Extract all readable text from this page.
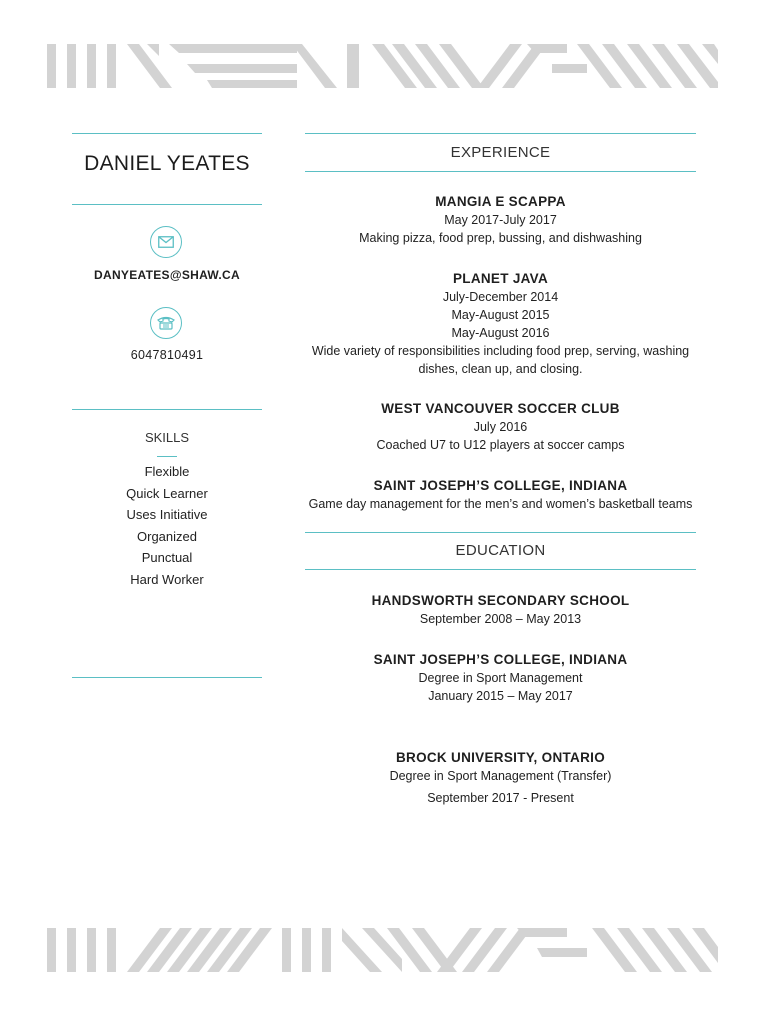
DANIEL YEATES
DANYEATES@SHAW.CA
6047810491
SKILLS
Flexible
Quick Learner
Uses Initiative
Organized
Punctual
Hard Worker
EXPERIENCE
MANGIA E SCAPPA
May 2017-July 2017
Making pizza, food prep, bussing, and dishwashing
PLANET JAVA
July-December 2014
May-August 2015
May-August 2016
Wide variety of responsibilities including food prep, serving, washing
dishes, clean up, and closing.
WEST VANCOUVER SOCCER CLUB
July 2016
Coached U7 to U12 players at soccer camps
SAINT JOSEPH’S COLLEGE, INDIANA
Game day management for the men’s and women’s basketball teams
EDUCATION
HANDSWORTH SECONDARY SCHOOL
September 2008 – May 2013
SAINT JOSEPH’S COLLEGE, INDIANA
Degree in Sport Management
January 2015 – May 2017
BROCK UNIVERSITY, ONTARIO
Degree in Sport Management (Transfer)
September 2017 - Present
